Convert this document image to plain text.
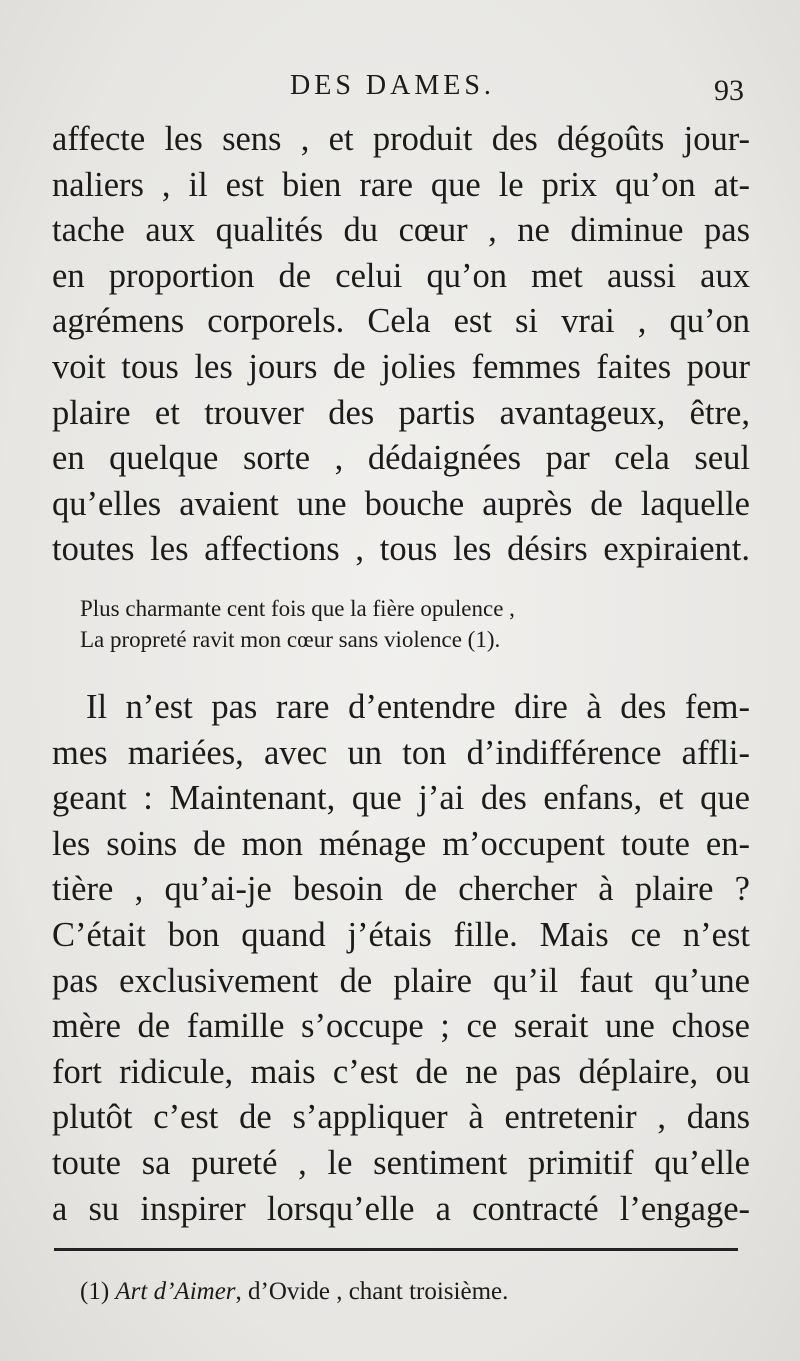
DES DAMES.	93
affecte les sens , et produit des dégoûts jour-
naliers , il est bien rare que le prix qu’on at-
tache aux qualités du cœur , ne diminue pas
en proportion de celui qu’on met aussi aux
agrémens corporels. Cela est si vrai , qu’on
voit tous les jours de jolies femmes faites pour
plaire et trouver des partis avantageux, être,
en quelque sorte , dédaignées par cela seul
qu’elles avaient une bouche auprès de laquelle
toutes les affections , tous les désirs expiraient.
Plus charmante cent fois que la fière opulence ,
La propreté ravit mon cœur sans violence (1).
Il n’est pas rare d’entendre dire à des fem-
mes mariées, avec un ton d’indifférence affli-
geant : Maintenant, que j’ai des enfans, et que
les soins de mon ménage m’occupent toute en-
tière , qu’ai-je besoin de chercher à plaire ?
C’était bon quand j’étais fille. Mais ce n’est
pas exclusivement de plaire qu’il faut qu’une
mère de famille s’occupe ; ce serait une chose
fort ridicule, mais c’est de ne pas déplaire, ou
plutôt c’est de s’appliquer à entretenir , dans
toute sa pureté , le sentiment primitif qu’elle
a su inspirer lorsqu’elle a contracté l’engage-
(1) Art d’Aimer, d’Ovide , chant troisième.
